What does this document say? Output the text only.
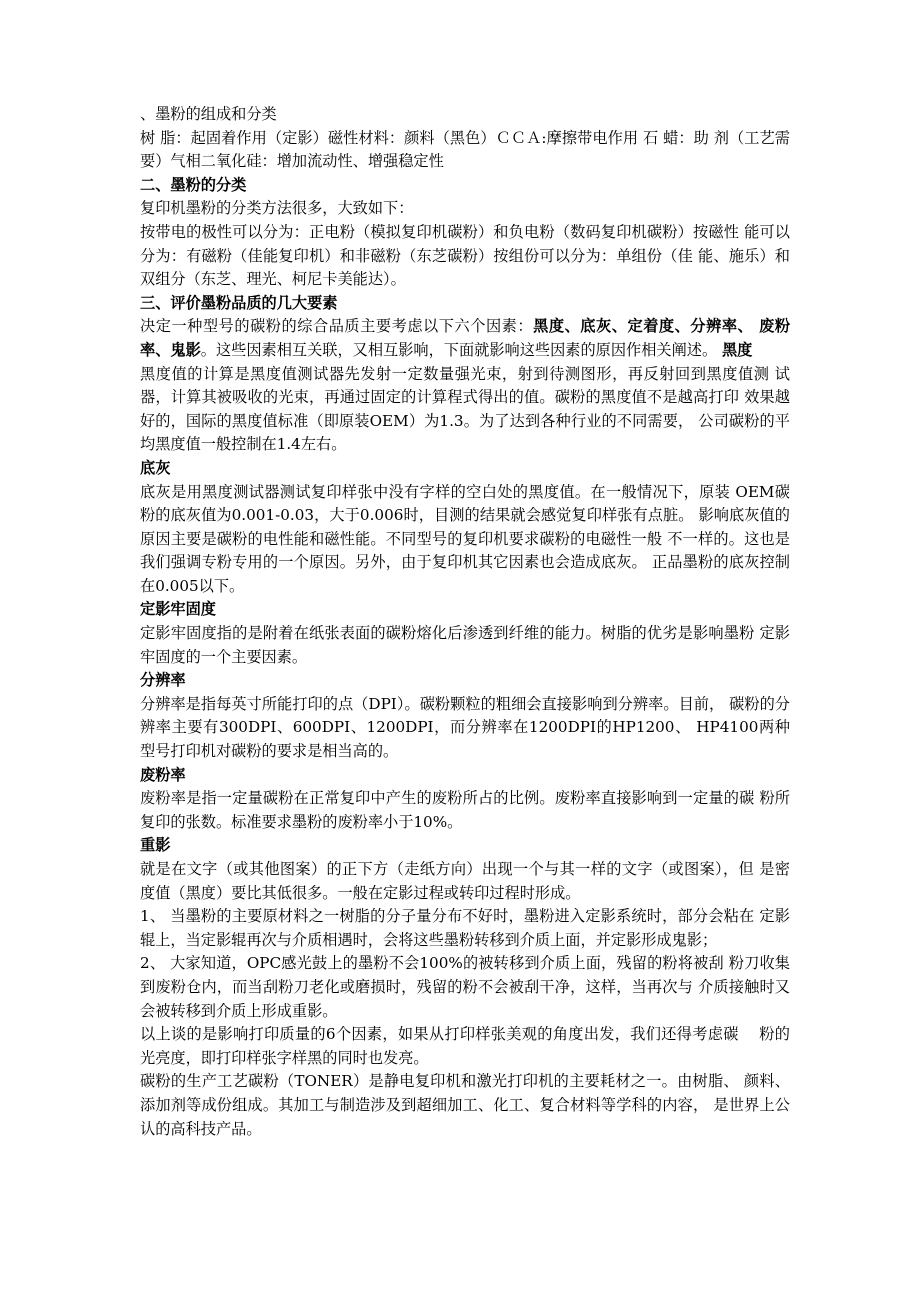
、墨粉的组成和分类

树 脂：起固着作用（定影）磁性材料：颜料（黑色）ＣＣＡ:摩擦带电作用 石 蜡：助 剂（工艺需要）气相二氧化硅：增加流动性、增强稳定性

二、墨粉的分类

复印机墨粉的分类方法很多，大致如下：

按带电的极性可以分为：正电粉（模拟复印机碳粉）和负电粉（数码复印机碳粉）按磁性 能可以分为：有磁粉（佳能复印机）和非磁粉（东芝碳粉）按组份可以分为：单组份（佳 能、施乐）和双组分（东芝、理光、柯尼卡美能达）。

三、评价墨粉品质的几大要素

决定一种型号的碳粉的综合品质主要考虑以下六个因素：黑度、底灰、定着度、分辨率、 废粉率、鬼影。这些因素相互关联，又相互影响，下面就影响这些因素的原因作相关阐述。 黑度

黑度值的计算是黑度值测试器先发射一定数量强光束，射到待测图形，再反射回到黑度值测 试器，计算其被吸收的光束，再通过固定的计算程式得出的值。碳粉的黑度值不是越高打印 效果越好的，国际的黑度值标准（即原装OEM）为1.3。为了达到各种行业的不同需要， 公司碳粉的平均黑度值一般控制在1.4左右。

底灰

底灰是用黑度测试器测试复印样张中没有字样的空白处的黑度值。在一般情况下，原装 OEM碳粉的底灰值为0.001-0.03，大于0.006时，目测的结果就会感觉复印样张有点脏。 影响底灰值的原因主要是碳粉的电性能和磁性能。不同型号的复印机要求碳粉的电磁性一般 不一样的。这也是我们强调专粉专用的一个原因。另外，由于复印机其它因素也会造成底灰。 正品墨粉的底灰控制在0.005以下。

定影牢固度

定影牢固度指的是附着在纸张表面的碳粉熔化后渗透到纤维的能力。树脂的优劣是影响墨粉 定影牢固度的一个主要因素。

分辨率

分辨率是指每英寸所能打印的点（DPI）。碳粉颗粒的粗细会直接影响到分辨率。目前， 碳粉的分辨率主要有300DPI、600DPI、1200DPI，而分辨率在1200DPI的HP1200、 HP4100两种型号打印机对碳粉的要求是相当高的。

废粉率

废粉率是指一定量碳粉在正常复印中产生的废粉所占的比例。废粉率直接影响到一定量的碳 粉所复印的张数。标准要求墨粉的废粉率小于10%。

重影

就是在文字（或其他图案）的正下方（走纸方向）出现一个与其一样的文字（或图案），但 是密度值（黑度）要比其低很多。一般在定影过程或转印过程时形成。

1、 当墨粉的主要原材料之一树脂的分子量分布不好时，墨粉进入定影系统时，部分会粘在 定影辊上，当定影辊再次与介质相遇时，会将这些墨粉转移到介质上面，并定影形成鬼影；

2、 大家知道，OPC感光鼓上的墨粉不会100%的被转移到介质上面，残留的粉将被刮 粉刀收集到废粉仓内，而当刮粉刀老化或磨损时，残留的粉不会被刮干净，这样，当再次与 介质接触时又会被转移到介质上形成重影。

以上谈的是影响打印质量的6个因素，如果从打印样张美观的角度出发，我们还得考虑碳　 粉的光亮度，即打印样张字样黑的同时也发亮。

碳粉的生产工艺碳粉（TONER）是静电复印机和激光打印机的主要耗材之一。由树脂、 颜料、添加剂等成份组成。其加工与制造涉及到超细加工、化工、复合材料等学科的内容， 是世界上公认的高科技产品。
